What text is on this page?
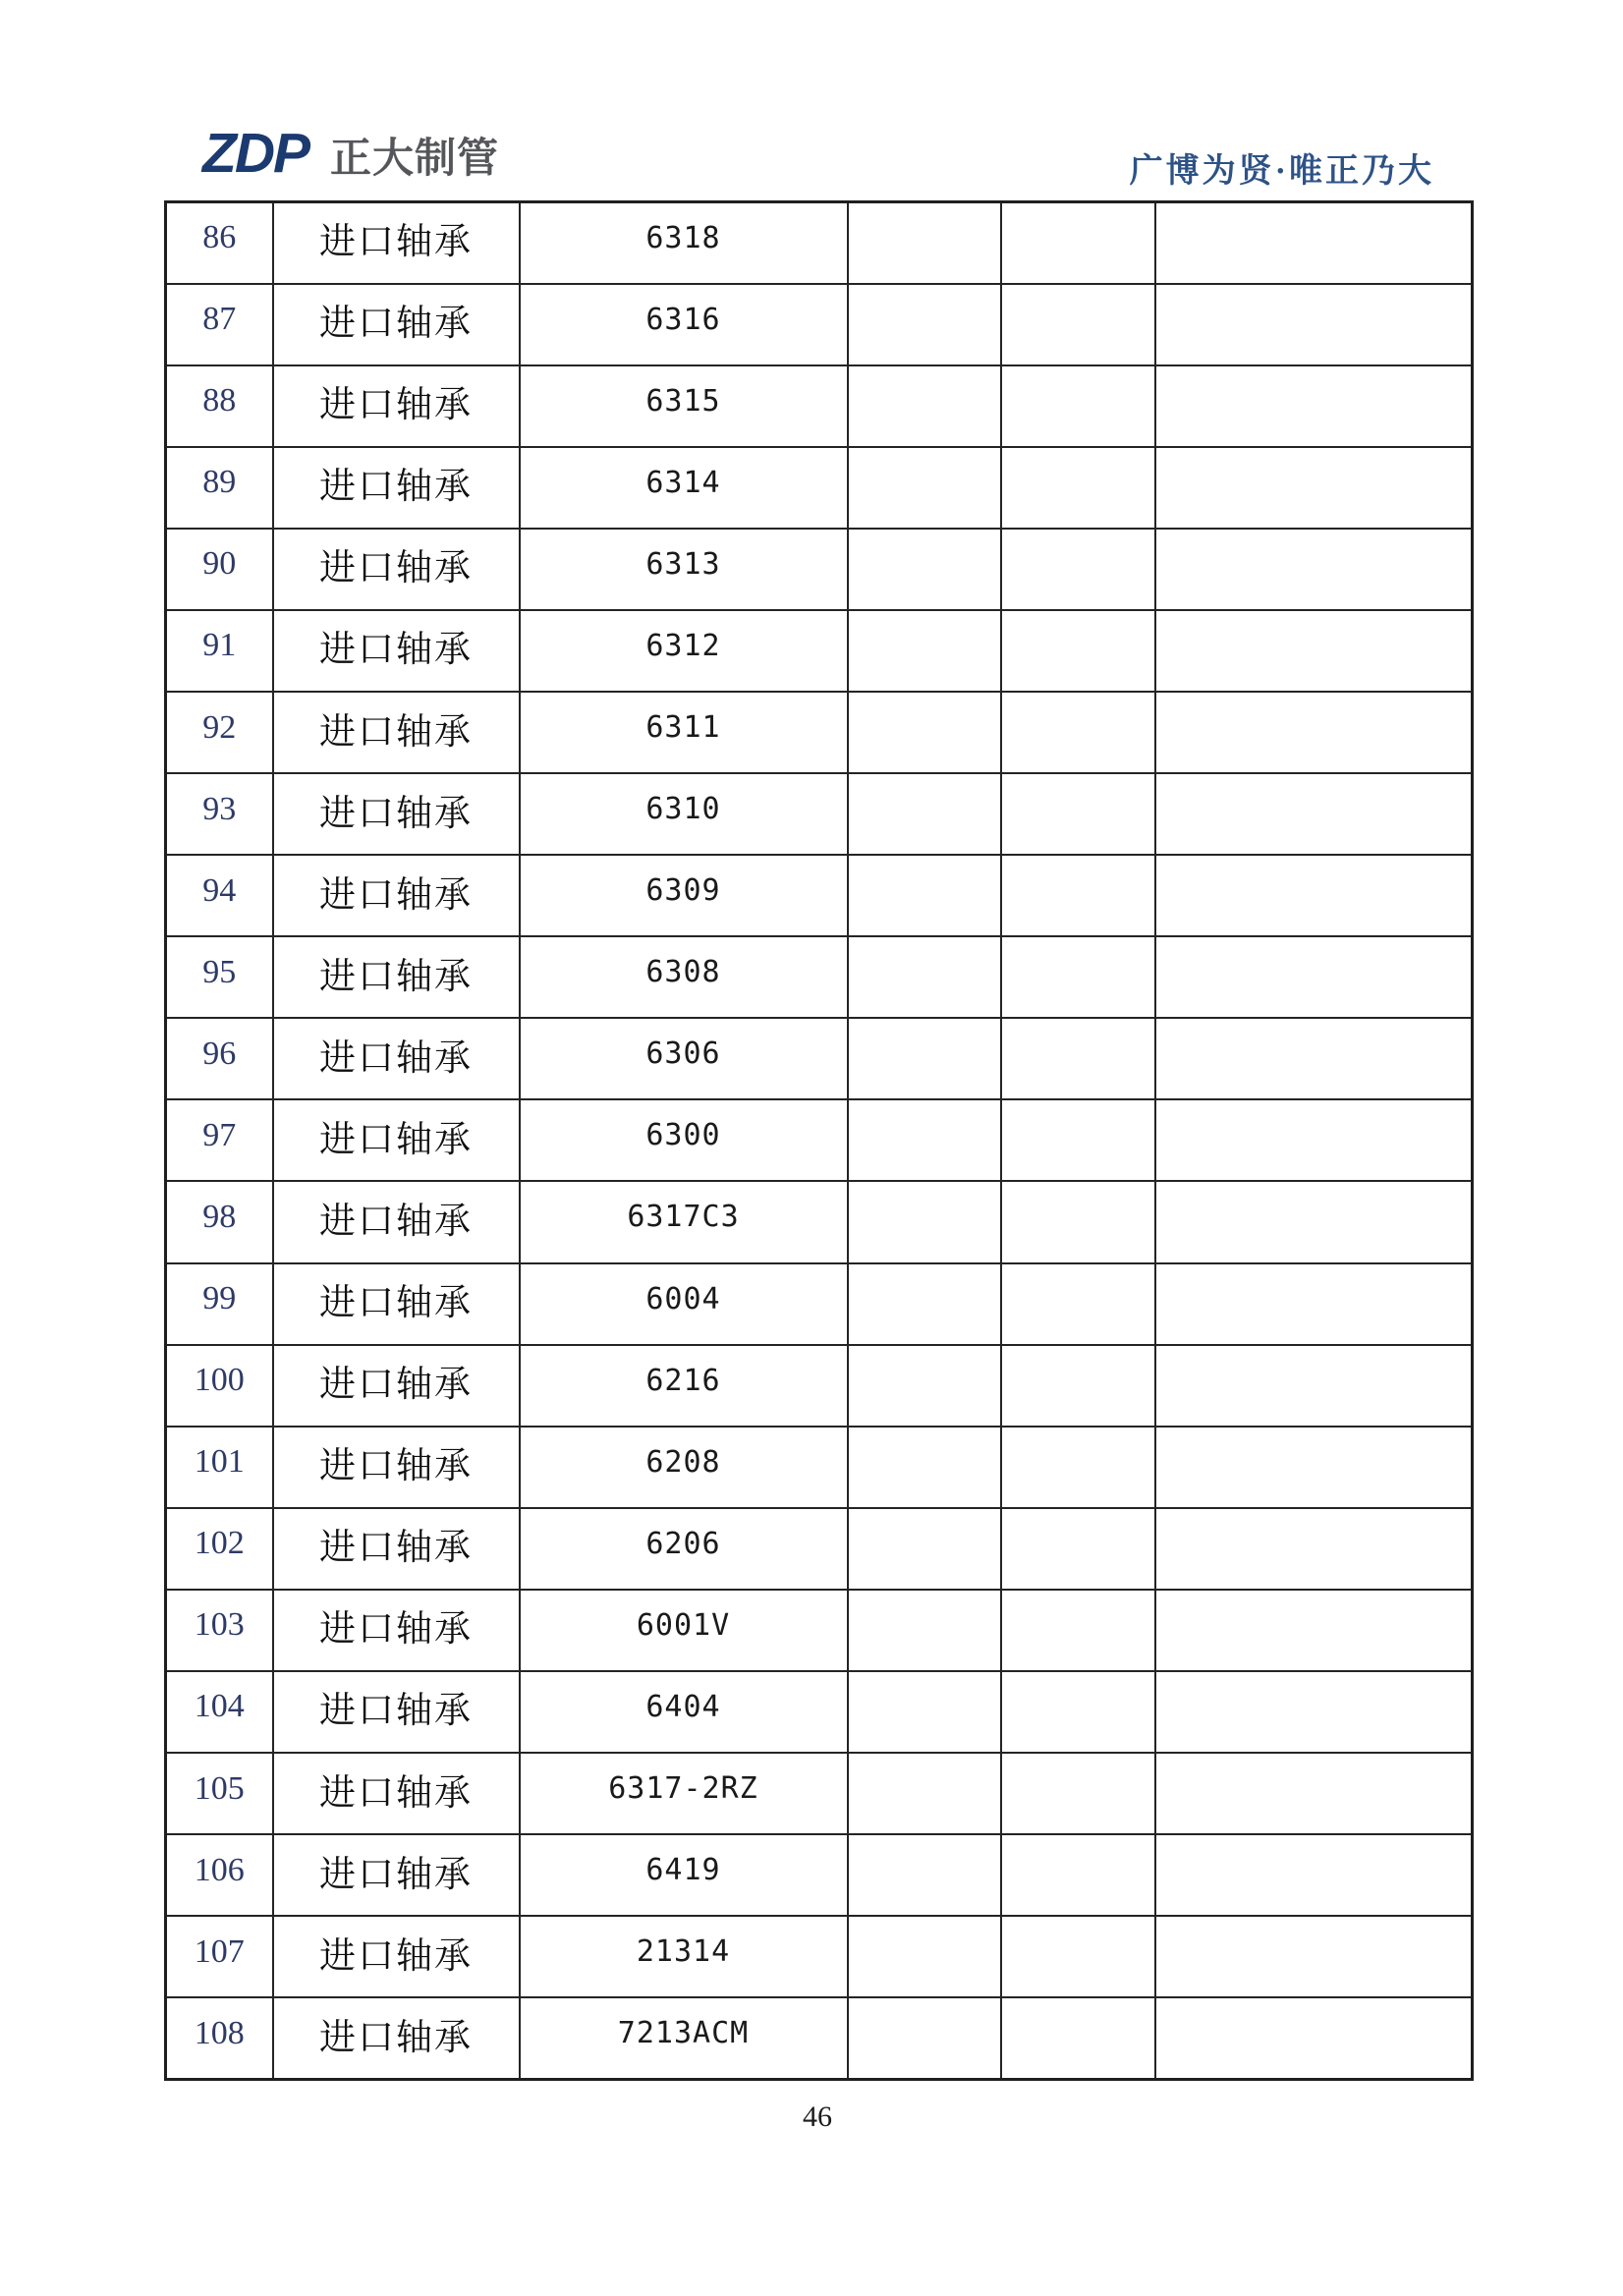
ZDP 正大制管	广博为贤·唯正乃大
86	进口轴承	6318			
87	进口轴承	6316			
88	进口轴承	6315			
89	进口轴承	6314			
90	进口轴承	6313			
91	进口轴承	6312			
92	进口轴承	6311			
93	进口轴承	6310			
94	进口轴承	6309			
95	进口轴承	6308			
96	进口轴承	6306			
97	进口轴承	6300			
98	进口轴承	6317C3			
99	进口轴承	6004			
100	进口轴承	6216			
101	进口轴承	6208			
102	进口轴承	6206			
103	进口轴承	6001V			
104	进口轴承	6404			
105	进口轴承	6317-2RZ			
106	进口轴承	6419			
107	进口轴承	21314			
108	进口轴承	7213ACM			
46
